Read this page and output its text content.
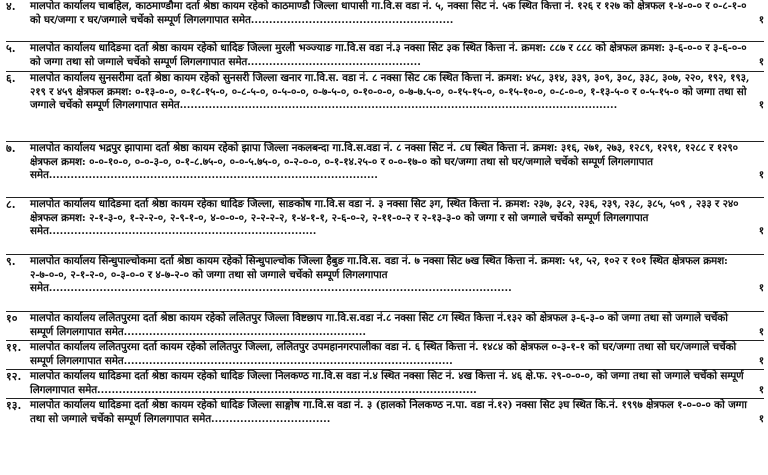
४.	मालपोत कार्यालय चाबहिल, काठमाण्डौमा दर्ता श्रेष्ठा कायम रहेको काठमाण्डौ जिल्ला धापासी गा.वि.स वडा नं. ५, नक्सा सिट नं. ५क स्थित कित्ता नं. १२६ र १२७ को क्षेत्रफल १-४-०-० र ०-८-१-० को घर/जग्गा र घर/जग्गाले चर्चेको सम्पूर्ण लिगलगापात समेत........................................................	१
५.	मालपोत कार्यालय धादिङमा दर्ता श्रेष्ठा कायम रहेको धादिङ जिल्ला मुरली भञ्ज्याङ गा.वि.स वडा नं.३ नक्सा सिट ३क स्थित कित्ता नं. क्रमश: ८८७ र ८८८ को क्षेत्रफल क्रमश: ३-६-०-० र ३-६-०-० को जग्गा तथा सो जग्गाले चर्चेको सम्पूर्ण लिगलगापात समेत................................................	१
६.	मालपोत कार्यालय सुनसरीमा दर्ता श्रेष्ठा कायम रहेको सुनसरी जिल्ला खनार गा.वि.स. वडा नं. ८ नक्सा सिट ८क स्थित कित्ता नं. क्रमश: ४५८, ३१४, ३३९, ३०९, ३०८, ३३८, ३०७, २२०, १९२, १९३, २१९ र ४५९ क्षेत्रफल क्रमश: ०-१३-०-०, ०-१८-१५-०, ०-८-५-०, ०-५-०-०, ०-७-५-०, ०-१०-०-०, ०-७-७.५-०, ०-१५-१५-०, ०-१५-१०-०, ०-८-०-०, १-१३-५-० र ०-५-१५-० को जग्गा तथा सो जग्गाले चर्चेको सम्पूर्ण लिगलगापात समेत.........................................................................................................................	१
७.	मालपोत कार्यालय भद्रपुर झापामा दर्ता श्रेष्ठा कायम रहेको झापा जिल्ला नकलबन्दा गा.वि.स.वडा नं. ८ नक्सा सिट नं. ८घ स्थित कित्ता नं. क्रमश: ३१६, २७१, २७३, १२८९, १२९१, १२८८ र १२९० क्षेत्रफल क्रमश: ०-०-१०-०, ०-०-३-०, ०-१-८.७५-०, ०-०-५.७५-०, ०-२-०-०, ०-१-१४.२५-० र ०-०-१७-० को घर/जग्गा तथा सो घर/जग्गाले चर्चेको सम्पूर्ण लिगलगापात समेत...........................................................................................	१
८.	मालपोत कार्यालय धादिङमा दर्ता श्रेष्ठा कायम रहेका धादिङ जिल्ला, साङकोष गा.वि.स वडा नं. ३ नक्सा सिट ३ग, स्थित कित्ता नं. क्रमश: २३७, ३८२, २३६, २३९, २३८, ३८५, ५०९ , २३३ र २४० क्षेत्रफल क्रमश: २-१-३-०, १-२-२-०, २-९-१-०, ४-०-०-०, २-२-२-२, १-४-१-१, २-६-०-२, २-११-०-२ र २-१३-३-० को जग्गा र सो जग्गाले चर्चेको सम्पूर्ण लिगलगापात समेत..........................................................................	१
९.	मालपोत कार्यालय सिन्धुपाल्चोकमा दर्ता श्रेष्ठा कायम रहेको सिन्धुपाल्चोक जिल्ला हैबुङ गा.वि.स. वडा नं. ७ नक्सा सिट ७ख स्थित कित्ता नं. क्रमश: ५१, ५२, १०२ र १०१ स्थित क्षेत्रफल क्रमश: २-७-०-०, २-१-२-०, ०-३-०-० र ४-७-२-० को जग्गा तथा सो जग्गाले चर्चेको सम्पूर्ण लिगलगापात समेत................................................................................................................................	१
१०	मालपोत कार्यालय ललितपुरमा दर्ता श्रेष्ठा कायम रहेको ललितपुर जिल्ला विष्टछाप गा.वि.स.वडा नं.८ नक्सा सिट ८ग स्थित कित्ता नं.१३२ को क्षेत्रफल ३-६-३-० को जग्गा तथा सो जग्गाले चर्चेको सम्पूर्ण लिगलगापात समेत...................................................................	१
११. मालपोत कार्यालय ललितपुरमा दर्ता कायम रहेको ललितपुर जिल्ला, ललितपुर उपमहानगरपालीका वडा नं. ६ स्थित कित्ता नं. १४८४ को क्षेत्रफल ०-३-१-१ को घर/जग्गा तथा सो घर/जग्गाले चर्चेको सम्पूर्ण लिगलगापात समेत...........................................................................................	१
१२. मालपोत कार्यालय धादिङमा दर्ता श्रेष्ठा कायम रहेको धादिङ जिल्ला निलकण्ठ गा.वि.स वडा नं.४ स्थित नक्सा सिट नं. ४ख कित्ता नं. ४६ क्षे.फ. २९-०-०-०, को जग्गा तथा सो जग्गाले चर्चेको सम्पूर्ण लिगलगापात समेत.........................................................................................................	१
१३. मालपोत कार्यालय धादिङमा दर्ता श्रेष्ठा कायम रहेको धादिङ जिल्ला साङ्गोष गा.वि.स वडा नं. ३ (हालको निलकण्ठ न.पा. वडा नं.१२) नक्सा सिट ३घ स्थित कि.नं. १९९७ क्षेत्रफल १-०-०-० को जग्गा तथा सो जग्गाले चर्चेको सम्पूर्ण लिगलगापात समेत.................................	१
